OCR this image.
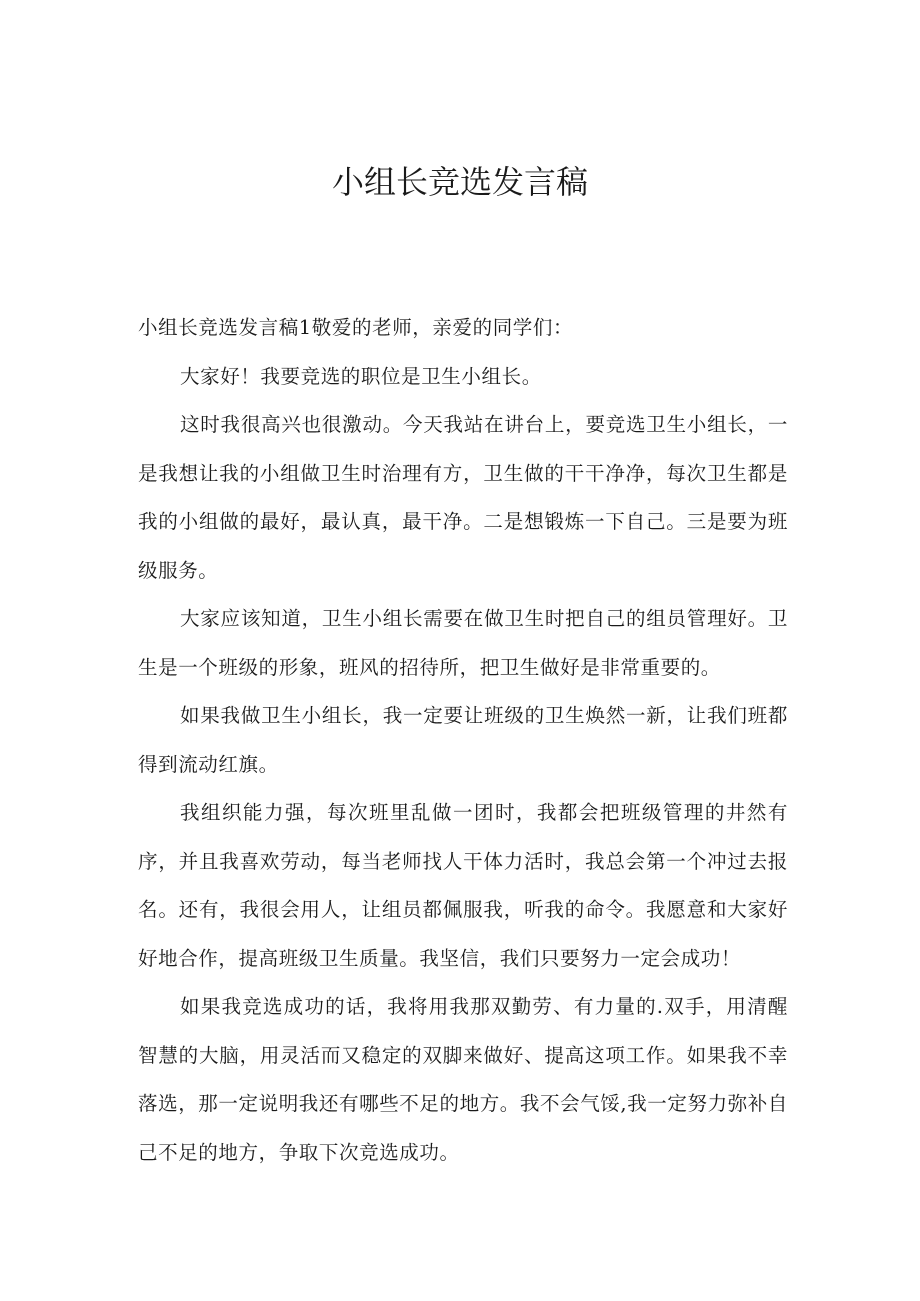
小组长竞选发言稿

小组长竞选发言稿1敬爱的老师，亲爱的同学们：

大家好！我要竞选的职位是卫生小组长。

这时我很高兴也很激动。今天我站在讲台上，要竞选卫生小组长，一是我想让我的小组做卫生时治理有方，卫生做的干干净净，每次卫生都是我的小组做的最好，最认真，最干净。二是想锻炼一下自己。三是要为班级服务。

大家应该知道，卫生小组长需要在做卫生时把自己的组员管理好。卫生是一个班级的形象，班风的招待所，把卫生做好是非常重要的。

如果我做卫生小组长，我一定要让班级的卫生焕然一新，让我们班都得到流动红旗。

我组织能力强，每次班里乱做一团时，我都会把班级管理的井然有序，并且我喜欢劳动，每当老师找人干体力活时，我总会第一个冲过去报名。还有，我很会用人，让组员都佩服我，听我的命令。我愿意和大家好好地合作，提高班级卫生质量。我坚信，我们只要努力一定会成功！

如果我竞选成功的话，我将用我那双勤劳、有力量的.双手，用清醒智慧的大脑，用灵活而又稳定的双脚来做好、提高这项工作。如果我不幸落选，那一定说明我还有哪些不足的地方。我不会气馁,我一定努力弥补自己不足的地方，争取下次竞选成功。
